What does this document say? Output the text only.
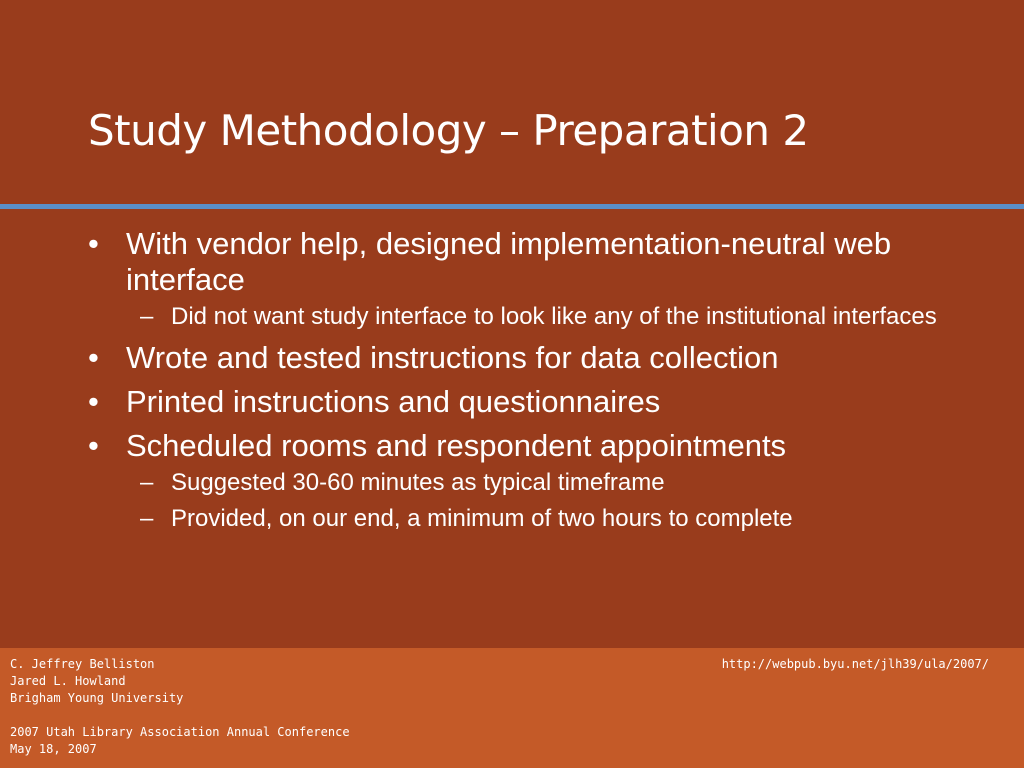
Study Methodology – Preparation 2
• With vendor help, designed implementation-neutral web interface
– Did not want study interface to look like any of the institutional interfaces
• Wrote and tested instructions for data collection
• Printed instructions and questionnaires
• Scheduled rooms and respondent appointments
– Suggested 30-60 minutes as typical timeframe
– Provided, on our end, a minimum of two hours to complete
C. Jeffrey Belliston
Jared L. Howland
Brigham Young University
2007 Utah Library Association Annual Conference
May 18, 2007
http://webpub.byu.net/jlh39/ula/2007/
